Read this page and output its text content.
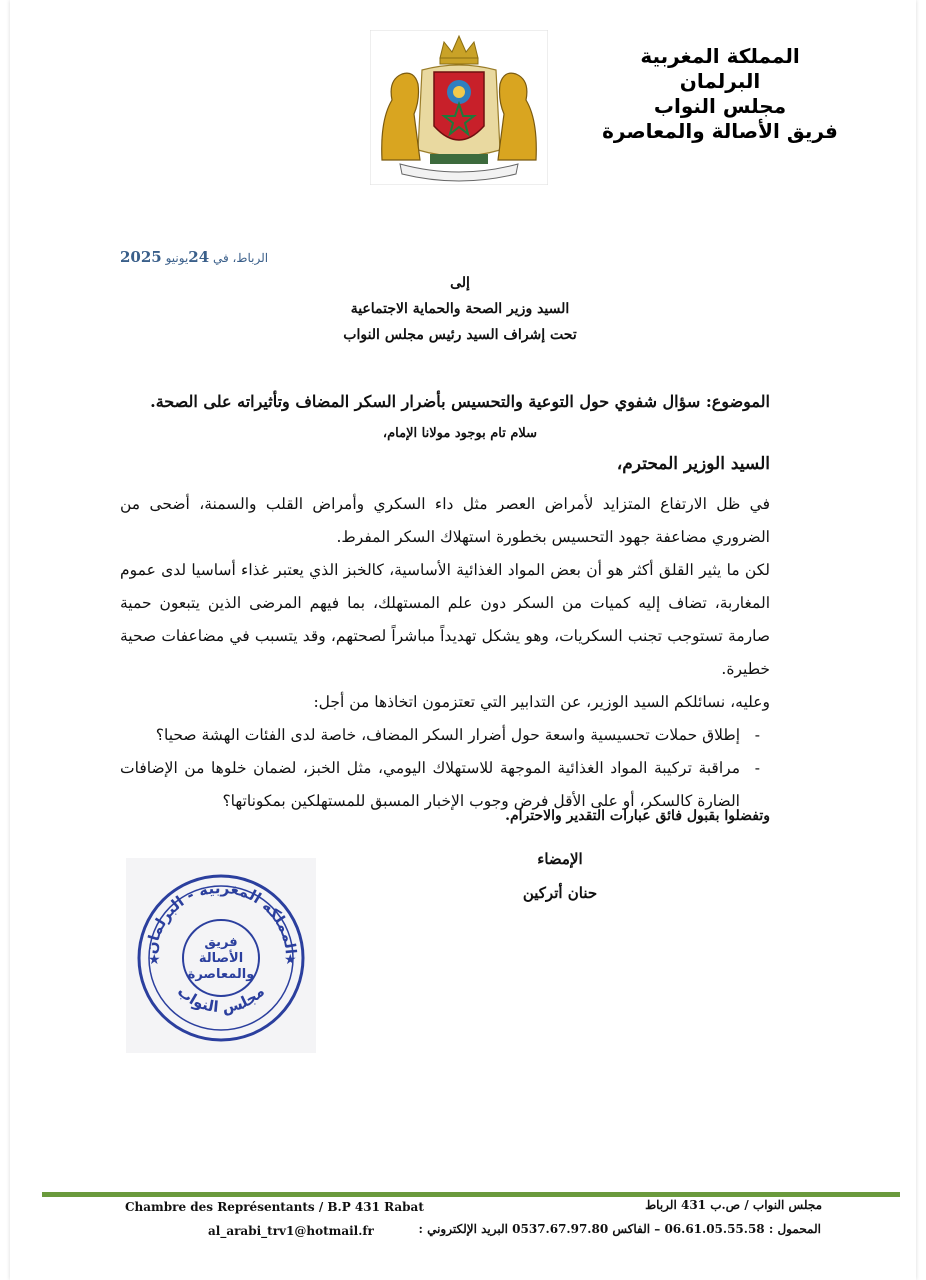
المملكة المغربية
البرلمان
مجلس النواب
فريق الأصالة والمعاصرة
الرباط، في 24يونيو 2025
إلى
السيد وزير الصحة والحماية الاجتماعية
تحت إشراف السيد رئيس مجلس النواب
الموضوع: سؤال شفوي حول التوعية والتحسيس بأضرار السكر المضاف وتأثيراته على الصحة.
سلام تام بوجود مولانا الإمام،
السيد الوزير المحترم،

في ظل الارتفاع المتزايد لأمراض العصر مثل داء السكري وأمراض القلب والسمنة، أضحى من الضروري مضاعفة جهود التحسيس بخطورة استهلاك السكر المفرط.

لكن ما يثير القلق أكثر هو أن بعض المواد الغذائية الأساسية، كالخبز الذي يعتبر غذاء أساسيا لدى عموم المغاربة، تضاف إليه كميات من السكر دون علم المستهلك، بما فيهم المرضى الذين يتبعون حمية صارمة تستوجب تجنب السكريات، وهو يشكل تهديداً مباشراً لصحتهم، وقد يتسبب في مضاعفات صحية خطيرة.

وعليه، نسائلكم السيد الوزير، عن التدابير التي تعتزمون اتخاذها من أجل:

- إطلاق حملات تحسيسية واسعة حول أضرار السكر المضاف، خاصة لدى الفئات الهشة صحيا؟
- مراقبة تركيبة المواد الغذائية الموجهة للاستهلاك اليومي، مثل الخبز، لضمان خلوها من الإضافات الضارة كالسكر، أو على الأقل فرض وجوب الإخبار المسبق للمستهلكين بمكوناتها؟
وتفضلوا بقبول فائق عبارات التقدير والاحترام.
الإمضاء
حنان أتركين
المملكة المغربية - البرلمان
مجلس النواب
فريق
الأصالة
والمعاصرة
★	★
Chambre des Représentants / B.P 431 Rabat
al_arabi_trv1@hotmail.fr
مجلس النواب / ص.ب 431 الرباط
المحمول : 06.61.05.55.58 – الفاكس 0537.67.97.80 البريد الإلكتروني :
